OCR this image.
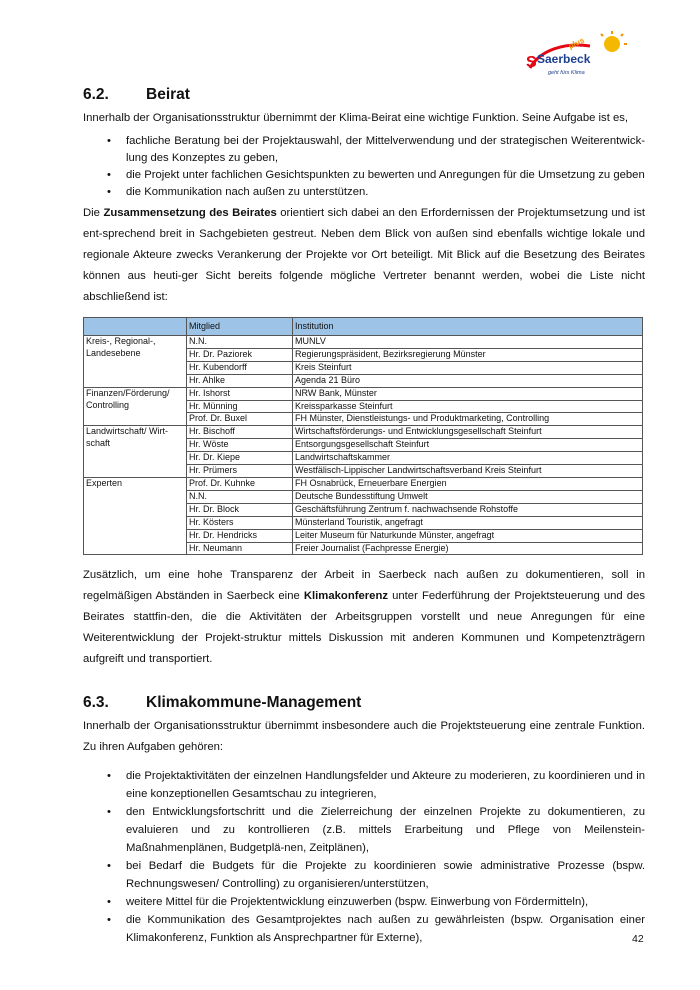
S Saerbeck
plus
geht fürs Klima
6.2.	Beirat

Innerhalb der Organisationsstruktur übernimmt der Klima-Beirat eine wichtige Funktion. Seine Aufgabe ist es,

• fachliche Beratung bei der Projektauswahl, der Mittelverwendung und der strategischen Weiterentwick-lung des Konzeptes zu geben,
• die Projekt unter fachlichen Gesichtspunkten zu bewerten und Anregungen für die Umsetzung zu geben
• die Kommunikation nach außen zu unterstützen.

Die Zusammensetzung des Beirates orientiert sich dabei an den Erfordernissen der Projektumsetzung und ist ent-sprechend breit in Sachgebieten gestreut. Neben dem Blick von außen sind ebenfalls wichtige lokale und regionale Akteure zwecks Verankerung der Projekte vor Ort beteiligt. Mit Blick auf die Besetzung des Beirates können aus heuti-ger Sicht bereits folgende mögliche Vertreter benannt werden, wobei die Liste nicht abschließend ist:

	Mitglied	Institution
Kreis-, Regional-, Landesebene	N.N.	MUNLV
	Hr. Dr. Paziorek	Regierungspräsident, Bezirksregierung Münster
	Hr. Kubendorff	Kreis Steinfurt
	Hr. Ahlke	Agenda 21 Büro
Finanzen/Förderung/ Controlling	Hr. Ishorst	NRW Bank, Münster
	Hr. Münning	Kreissparkasse Steinfurt
	Prof. Dr. Buxel	FH Münster, Dienstleistungs- und Produktmarketing, Controlling
Landwirtschaft/ Wirt-schaft	Hr. Bischoff	Wirtschaftsförderungs- und Entwicklungsgesellschaft Steinfurt
	Hr. Wöste	Entsorgungsgesellschaft Steinfurt
	Hr. Dr. Kiepe	Landwirtschaftskammer
	Hr. Prümers	Westfälisch-Lippischer Landwirtschaftsverband Kreis Steinfurt
Experten	Prof. Dr. Kuhnke	FH Osnabrück, Erneuerbare Energien
	N.N.	Deutsche Bundesstiftung Umwelt
	Hr. Dr. Block	Geschäftsführung Zentrum f. nachwachsende Rohstoffe
	Hr. Kösters	Münsterland Touristik, angefragt
	Hr. Dr. Hendricks	Leiter Museum für Naturkunde Münster, angefragt
	Hr. Neumann	Freier Journalist (Fachpresse Energie)

Zusätzlich, um eine hohe Transparenz der Arbeit in Saerbeck nach außen zu dokumentieren, soll in regelmäßigen Abständen in Saerbeck eine Klimakonferenz unter Federführung der Projektsteuerung und des Beirates stattfin-den, die die Aktivitäten der Arbeitsgruppen vorstellt und neue Anregungen für eine Weiterentwicklung der Projekt-struktur mittels Diskussion mit anderen Kommunen und Kompetenzträgern aufgreift und transportiert.

6.3.	Klimakommune-Management

Innerhalb der Organisationsstruktur übernimmt insbesondere auch die Projektsteuerung eine zentrale Funktion. Zu ihren Aufgaben gehören:

• die Projektaktivitäten der einzelnen Handlungsfelder und Akteure zu moderieren, zu koordinieren und in eine konzeptionellen Gesamtschau zu integrieren,
• den Entwicklungsfortschritt und die Zielerreichung der einzelnen Projekte zu dokumentieren, zu evaluieren und zu kontrollieren (z.B. mittels Erarbeitung und Pflege von Meilenstein-Maßnahmenplänen, Budgetplä-nen, Zeitplänen),
• bei Bedarf die Budgets für die Projekte zu koordinieren sowie administrative Prozesse (bspw. Rechnungswesen/ Controlling) zu organisieren/unterstützen,
• weitere Mittel für die Projektentwicklung einzuwerben (bspw. Einwerbung von Fördermitteln),
• die Kommunikation des Gesamtprojektes nach außen zu gewährleisten (bspw. Organisation einer Klimakonferenz, Funktion als Ansprechpartner für Externe),	42
